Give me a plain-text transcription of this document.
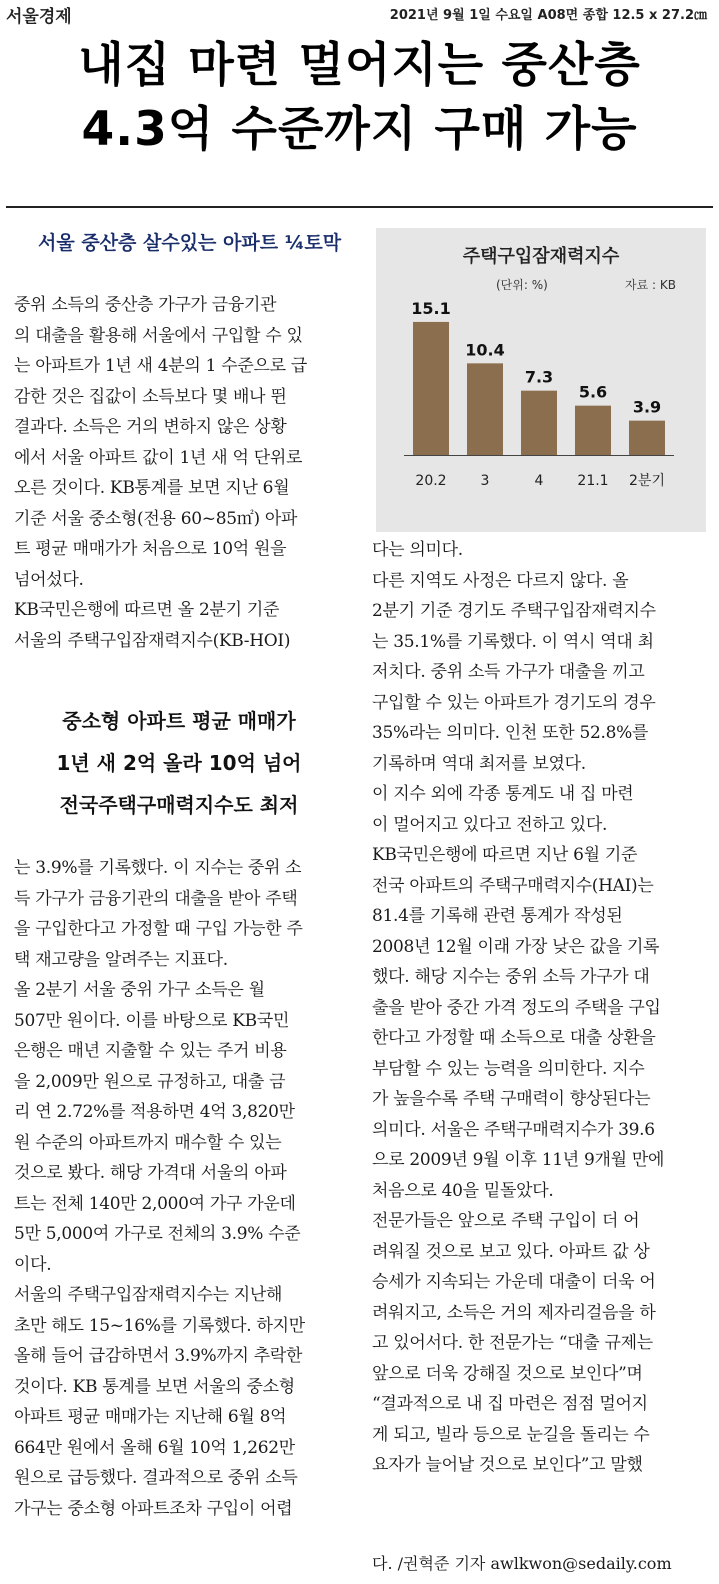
서울경제	2021년 9월 1일 수요일 A08면 종합 12.5 x 27.2㎝
내집 마련 멀어지는 중산층
4.3억 수준까지 구매 가능
서울 중산층 살수있는 아파트 ¼토막

중위 소득의 중산층 가구가 금융기관

의 대출을 활용해 서울에서 구입할 수 있

는 아파트가 1년 새 4분의 1 수준으로 급

감한 것은 집값이 소득보다 몇 배나 뛴

결과다. 소득은 거의 변하지 않은 상황

에서 서울 아파트 값이 1년 새 억 단위로

오른 것이다. KB통계를 보면 지난 6월

기준 서울 중소형(전용 60~85㎡) 아파

트 평균 매매가가 처음으로 10억 원을

넘어섰다.

KB국민은행에 따르면 올 2분기 기준

서울의 주택구입잠재력지수(KB-HOI)

중소형 아파트 평균 매매가
1년 새 2억 올라 10억 넘어
전국주택구매력지수도 최저

는 3.9%를 기록했다. 이 지수는 중위 소

득 가구가 금융기관의 대출을 받아 주택

을 구입한다고 가정할 때 구입 가능한 주

택 재고량을 알려주는 지표다.

올 2분기 서울 중위 가구 소득은 월

507만 원이다. 이를 바탕으로 KB국민

은행은 매년 지출할 수 있는 주거 비용

을 2,009만 원으로 규정하고, 대출 금

리 연 2.72%를 적용하면 4억 3,820만

원 수준의 아파트까지 매수할 수 있는

것으로 봤다. 해당 가격대 서울의 아파

트는 전체 140만 2,000여 가구 가운데

5만 5,000여 가구로 전체의 3.9% 수준

이다.

서울의 주택구입잠재력지수는 지난해

초만 해도 15~16%를 기록했다. 하지만

올해 들어 급감하면서 3.9%까지 추락한

것이다. KB 통계를 보면 서울의 중소형

아파트 평균 매매가는 지난해 6월 8억

664만 원에서 올해 6월 10억 1,262만

원으로 급등했다. 결과적으로 중위 소득

가구는 중소형 아파트조차 구입이 어렵

주택구입잠재력지수
(단위: %)	자료 : KB
15.1
20.2
10.4
3
7.3
4
5.6
21.1
3.9
2분기

다는 의미다.

다른 지역도 사정은 다르지 않다. 올

2분기 기준 경기도 주택구입잠재력지수

는 35.1%를 기록했다. 이 역시 역대 최

저치다. 중위 소득 가구가 대출을 끼고

구입할 수 있는 아파트가 경기도의 경우

35%라는 의미다. 인천 또한 52.8%를

기록하며 역대 최저를 보였다.

이 지수 외에 각종 통계도 내 집 마련

이 멀어지고 있다고 전하고 있다.

KB국민은행에 따르면 지난 6월 기준

전국 아파트의 주택구매력지수(HAI)는

81.4를 기록해 관련 통계가 작성된

2008년 12월 이래 가장 낮은 값을 기록

했다. 해당 지수는 중위 소득 가구가 대

출을 받아 중간 가격 정도의 주택을 구입

한다고 가정할 때 소득으로 대출 상환을

부담할 수 있는 능력을 의미한다. 지수

가 높을수록 주택 구매력이 향상된다는

의미다. 서울은 주택구매력지수가 39.6

으로 2009년 9월 이후 11년 9개월 만에

처음으로 40을 밑돌았다.

전문가들은 앞으로 주택 구입이 더 어

려워질 것으로 보고 있다. 아파트 값 상

승세가 지속되는 가운데 대출이 더욱 어

려워지고, 소득은 거의 제자리걸음을 하

고 있어서다. 한 전문가는 “대출 규제는

앞으로 더욱 강해질 것으로 보인다”며

“결과적으로 내 집 마련은 점점 멀어지

게 되고, 빌라 등으로 눈길을 돌리는 수

요자가 늘어날 것으로 보인다”고 말했

다. /권혁준 기자 awlkwon@sedaily.com
